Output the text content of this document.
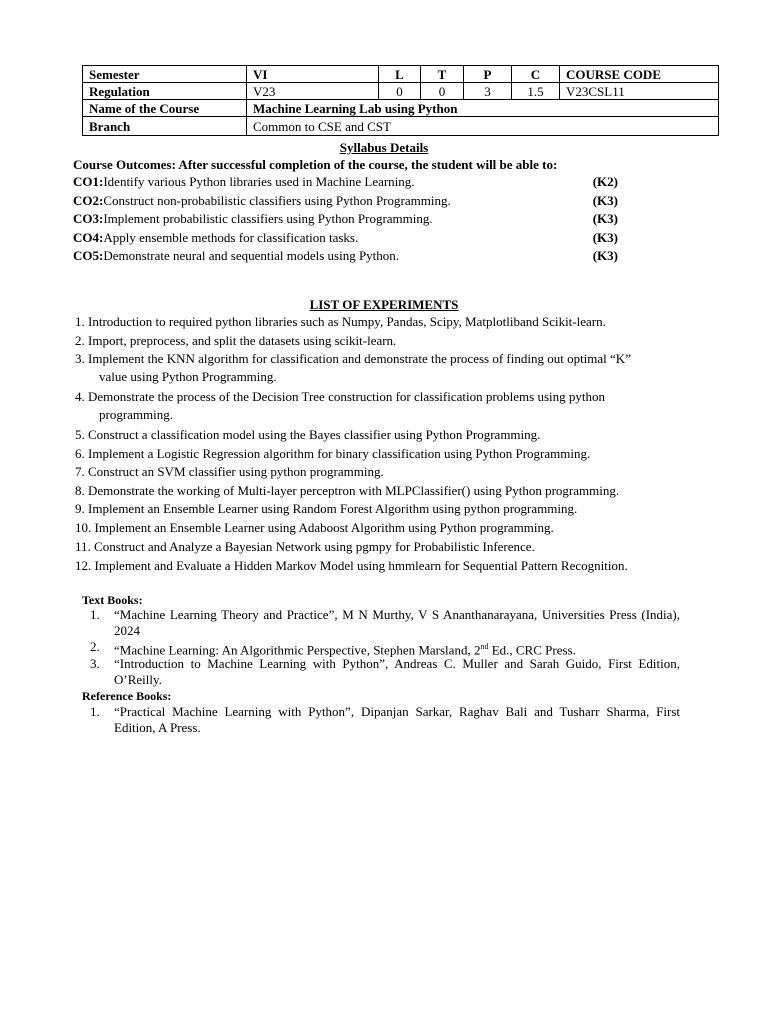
Semester	VI	L	T	P	C	COURSE CODE
Regulation	V23	0	0	3	1.5	V23CSL11
Name of the Course	Machine Learning Lab using Python					
Branch	Common to CSE and CST					
Syllabus Details
Course Outcomes: After successful completion of the course, the student will be able to:
CO1:Identify various Python libraries used in Machine Learning.	(K2)
CO2:Construct non-probabilistic classifiers using Python Programming.	(K3)
CO3:Implement probabilistic classifiers using Python Programming.	(K3)
CO4:Apply ensemble methods for classification tasks.	(K3)
CO5:Demonstrate neural and sequential models using Python.	(K3)
LIST OF EXPERIMENTS
1. Introduction to required python libraries such as Numpy, Pandas, Scipy, Matplotliband Scikit-learn.
2. Import, preprocess, and split the datasets using scikit-learn.
3. Implement the KNN algorithm for classification and demonstrate the process of finding out optimal “K”
value using Python Programming.
4. Demonstrate the process of the Decision Tree construction for classification problems using python
programming.
5. Construct a classification model using the Bayes classifier using Python Programming.
6. Implement a Logistic Regression algorithm for binary classification using Python Programming.
7. Construct an SVM classifier using python programming.
8. Demonstrate the working of Multi-layer perceptron with MLPClassifier() using Python programming.
9. Implement an Ensemble Learner using Random Forest Algorithm using python programming.
10. Implement an Ensemble Learner using Adaboost Algorithm using Python programming.
11. Construct and Analyze a Bayesian Network using pgmpy for Probabilistic Inference.
12. Implement and Evaluate a Hidden Markov Model using hmmlearn for Sequential Pattern Recognition.
Text Books:
1. “Machine Learning Theory and Practice”, M N Murthy, V S Ananthanarayana, Universities Press (India), 2024
2. “Machine Learning: An Algorithmic Perspective, Stephen Marsland, 2nd Ed., CRC Press.
3. “Introduction to Machine Learning with Python”, Andreas C. Muller and Sarah Guido, First Edition, O’Reilly.
Reference Books:
1. “Practical Machine Learning with Python”, Dipanjan Sarkar, Raghav Bali and Tusharr Sharma, First Edition, A Press.
